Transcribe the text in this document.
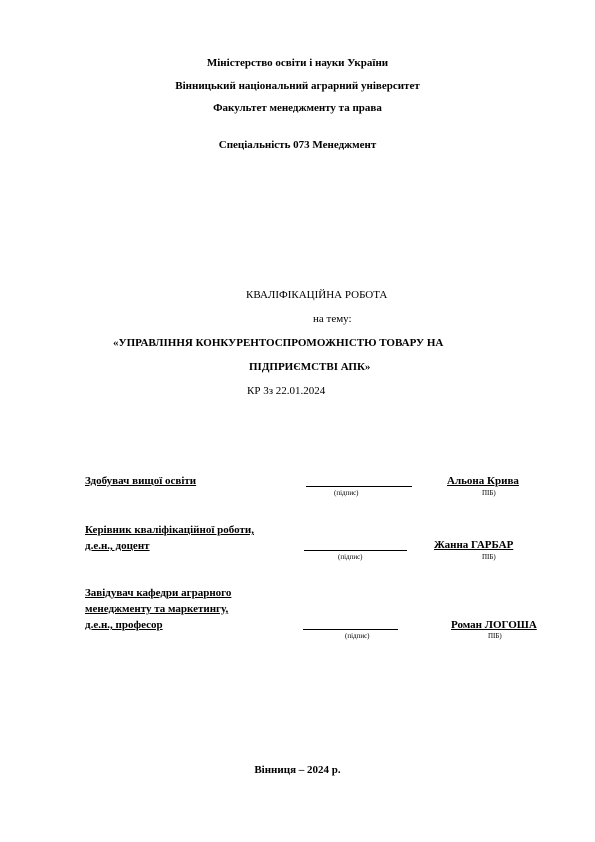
Міністерство освіти і науки України
Вінницький національний аграрний університет
Факультет менеджменту та права
Спеціальність 073 Менеджмент
КВАЛІФІКАЦІЙНА РОБОТА
на тему:
«УПРАВЛІННЯ КОНКУРЕНТОСПРОМОЖНІСТЮ ТОВАРУ НА
ПІДПРИЄМСТВІ АПК»
КР 3з 22.01.2024
Здобувач вищої освіти
(підпис)
Альона Крива
ПІБ)
Керівник кваліфікаційної роботи,
д.е.н., доцент
(підпис)
Жанна ГАРБАР
ПІБ)
Завідувач кафедри аграрного
менеджменту та маркетингу,
д.е.н., професор
(підпис)
Роман ЛОГОША
ПІБ)
Вінниця – 2024 р.
